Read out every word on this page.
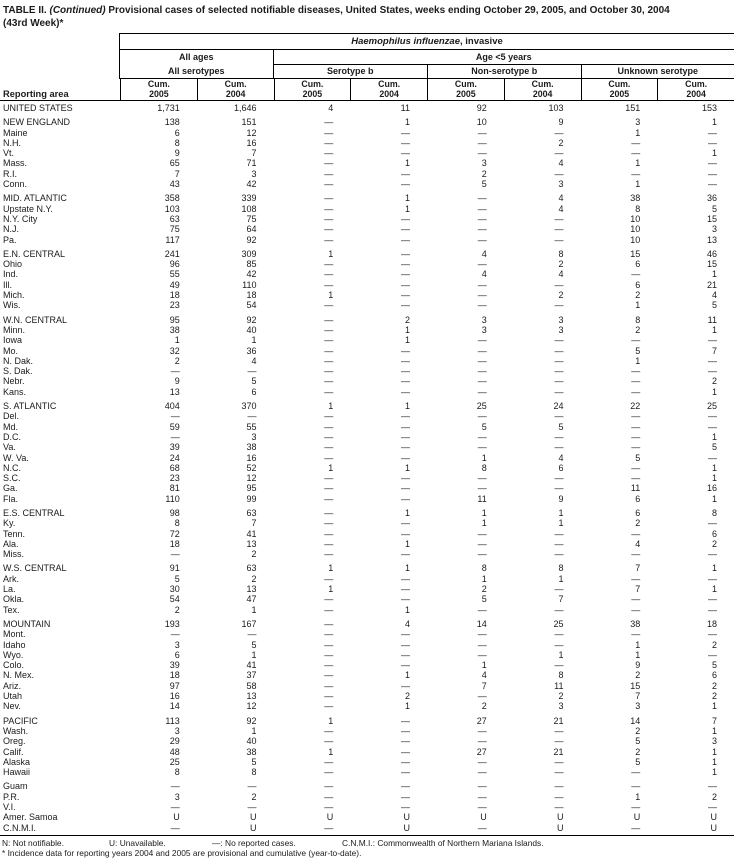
TABLE II. (Continued) Provisional cases of selected notifiable diseases, United States, weeks ending October 29, 2005, and October 30, 2004
(43rd Week)*
Haemophilus influenzae, invasive
All ages	Age <5 years
All serotypes	Serotype b	Non-serotype b	Unknown serotype
Reporting area
Cum.
2005
Cum.
2004
Cum.
2005
Cum.
2004
Cum.
2005
Cum.
2004
Cum.
2005
Cum.
2004
UNITED STATES	1,731	1,646	4	11	92	103	151	153
NEW ENGLAND	138	151	—	1	10	9	3	1
Maine	6	12	—	—	—	—	1	—
N.H.	8	16	—	—	—	2	—	—
Vt.	9	7	—	—	—	—	—	1
Mass.	65	71	—	1	3	4	1	—
R.I.	7	3	—	—	2	—	—	—
Conn.	43	42	—	—	5	3	1	—
MID. ATLANTIC	358	339	—	1	—	4	38	36
Upstate N.Y.	103	108	—	1	—	4	8	5
N.Y. City	63	75	—	—	—	—	10	15
N.J.	75	64	—	—	—	—	10	3
Pa.	117	92	—	—	—	—	10	13
E.N. CENTRAL	241	309	1	—	4	8	15	46
Ohio	96	85	—	—	—	2	6	15
Ind.	55	42	—	—	4	4	—	1
Ill.	49	110	—	—	—	—	6	21
Mich.	18	18	1	—	—	2	2	4
Wis.	23	54	—	—	—	—	1	5
W.N. CENTRAL	95	92	—	2	3	3	8	11
Minn.	38	40	—	1	3	3	2	1
Iowa	1	1	—	1	—	—	—	—
Mo.	32	36	—	—	—	—	5	7
N. Dak.	2	4	—	—	—	—	1	—
S. Dak.	—	—	—	—	—	—	—	—
Nebr.	9	5	—	—	—	—	—	2
Kans.	13	6	—	—	—	—	—	1
S. ATLANTIC	404	370	1	1	25	24	22	25
Del.	—	—	—	—	—	—	—	—
Md.	59	55	—	—	5	5	—	—
D.C.	—	3	—	—	—	—	—	1
Va.	39	38	—	—	—	—	—	5
W. Va.	24	16	—	—	1	4	5	—
N.C.	68	52	1	1	8	6	—	1
S.C.	23	12	—	—	—	—	—	1
Ga.	81	95	—	—	—	—	11	16
Fla.	110	99	—	—	11	9	6	1
E.S. CENTRAL	98	63	—	1	1	1	6	8
Ky.	8	7	—	—	1	1	2	—
Tenn.	72	41	—	—	—	—	—	6
Ala.	18	13	—	1	—	—	4	2
Miss.	—	2	—	—	—	—	—	—
W.S. CENTRAL	91	63	1	1	8	8	7	1
Ark.	5	2	—	—	1	1	—	—
La.	30	13	1	—	2	—	7	1
Okla.	54	47	—	—	5	7	—	—
Tex.	2	1	—	1	—	—	—	—
MOUNTAIN	193	167	—	4	14	25	38	18
Mont.	—	—	—	—	—	—	—	—
Idaho	3	5	—	—	—	—	1	2
Wyo.	6	1	—	—	—	1	1	—
Colo.	39	41	—	—	1	—	9	5
N. Mex.	18	37	—	1	4	8	2	6
Ariz.	97	58	—	—	7	11	15	2
Utah	16	13	—	2	—	2	7	2
Nev.	14	12	—	1	2	3	3	1
PACIFIC	113	92	1	—	27	21	14	7
Wash.	3	1	—	—	—	—	2	1
Oreg.	29	40	—	—	—	—	5	3
Calif.	48	38	1	—	27	21	2	1
Alaska	25	5	—	—	—	—	5	1
Hawaii	8	8	—	—	—	—	—	1
Guam	—	—	—	—	—	—	—	—
P.R.	3	2	—	—	—	—	1	2
V.I.	—	—	—	—	—	—	—	—
Amer. Samoa	U	U	U	U	U	U	U	U
C.N.M.I.	—	U	—	U	—	U	—	U
N: Not notifiable.	U: Unavailable.	—: No reported cases.	C.N.M.I.: Commonwealth of Northern Mariana Islands.
* Incidence data for reporting years 2004 and 2005 are provisional and cumulative (year-to-date).
